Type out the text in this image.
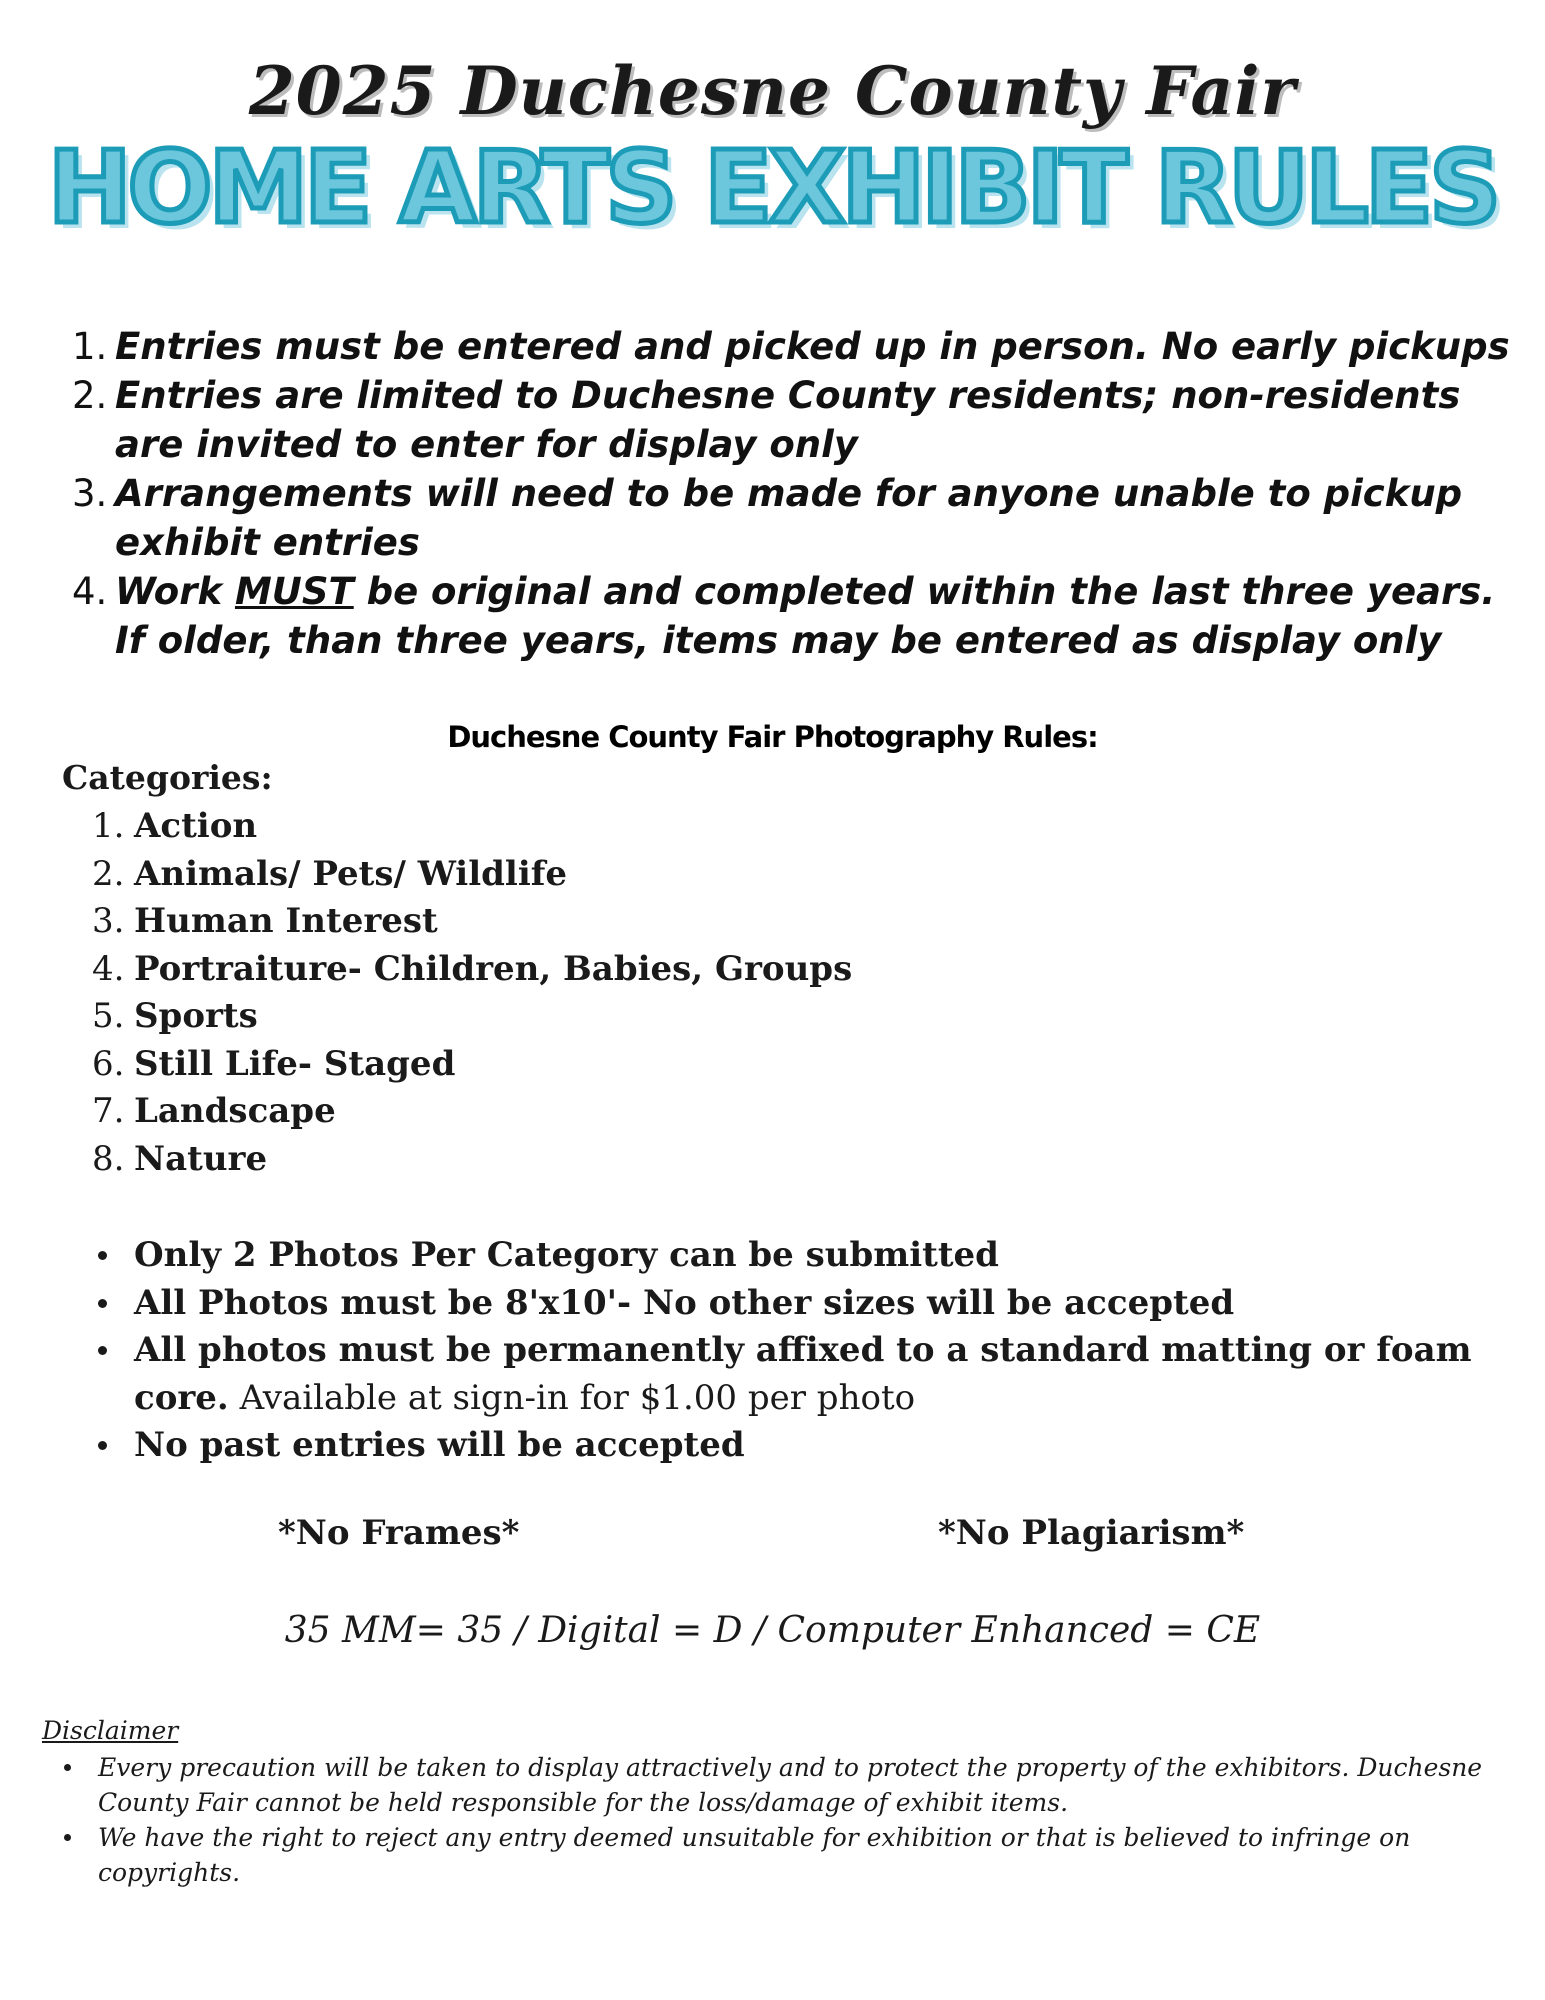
2025 Duchesne County Fair
HOME ARTS EXHIBIT RULES
1. Entries must be entered and picked up in person. No early pickups
2. Entries are limited to Duchesne County residents; non-residents are invited to enter for display only
3. Arrangements will need to be made for anyone unable to pickup exhibit entries
4. Work MUST be original and completed within the last three years. If older, than three years, items may be entered as display only
Duchesne County Fair Photography Rules:
Categories:
1. Action
2. Animals/ Pets/ Wildlife
3. Human Interest
4. Portraiture- Children, Babies, Groups
5. Sports
6. Still Life- Staged
7. Landscape
8. Nature
Only 2 Photos Per Category can be submitted
All Photos must be 8'x10'- No other sizes will be accepted
All photos must be permanently affixed to a standard matting or foam core. Available at sign-in for $1.00 per photo
No past entries will be accepted
*No Frames*	*No Plagiarism*
35 MM= 35 / Digital = D / Computer Enhanced = CE
Disclaimer
Every precaution will be taken to display attractively and to protect the property of the exhibitors. Duchesne County Fair cannot be held responsible for the loss/damage of exhibit items.
We have the right to reject any entry deemed unsuitable for exhibition or that is believed to infringe on copyrights.
